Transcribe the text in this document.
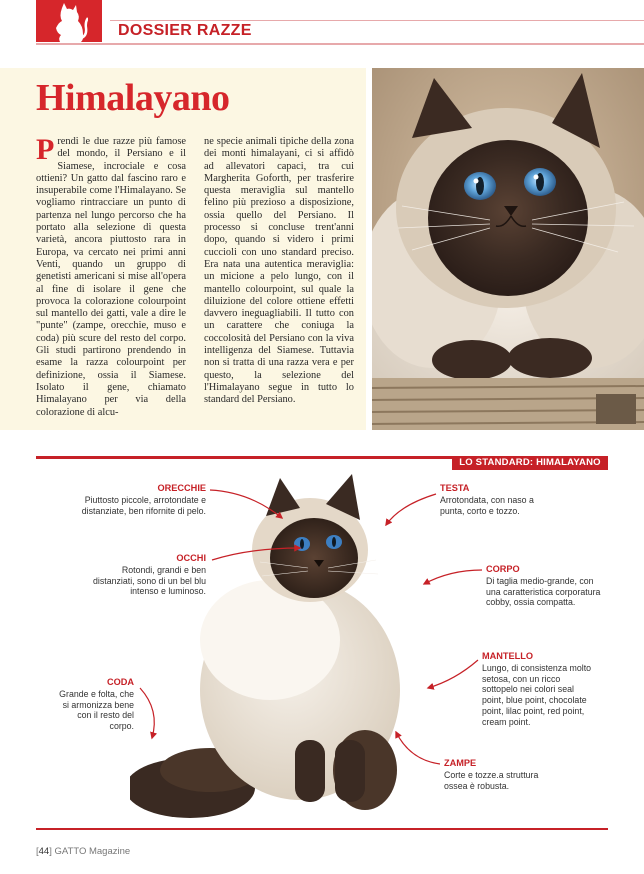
DOSSIER RAZZE
Himalayano
Prendi le due razze più famose del mondo, il Persiano e il Siamese, incrociale e cosa ottieni? Un gatto dal fascino raro e insuperabile come l'Himalayano. Se vogliamo rintracciare un punto di partenza nel lungo percorso che ha portato alla selezione di questa varietà, ancora piuttosto rara in Europa, va cercato nei primi anni Venti, quando un gruppo di genetisti americani si mise all'opera al fine di isolare il gene che provoca la colorazione colourpoint sul mantello dei gatti, vale a dire le "punte" (zampe, orecchie, muso e coda) più scure del resto del corpo. Gli studi partirono prendendo in esame la razza colourpoint per definizione, ossia il Siamese. Isolato il gene, chiamato Himalayano per via della colorazione di alcu-
ne specie animali tipiche della zona dei monti himalayani, ci si affidò ad allevatori capaci, tra cui Margherita Goforth, per trasferire questa meraviglia sul mantello felino più prezioso a disposizione, ossia quello del Persiano. Il processo si concluse trent'anni dopo, quando si videro i primi cuccioli con uno standard preciso. Era nata una autentica meraviglia: un micione a pelo lungo, con il mantello colourpoint, sul quale la diluizione del colore ottiene effetti davvero ineguagliabili. Il tutto con un carattere che coniuga la coccolosità del Persiano con la viva intelligenza del Siamese. Tuttavia non si tratta di una razza vera e per questo, la selezione del l'Himalayano segue in tutto lo standard del Persiano.
LO STANDARD: HIMALAYANO
ORECCHIE
Piuttosto piccole, arrotondate e distanziate, ben rifornite di pelo.
OCCHI
Rotondi, grandi e ben distanziati, sono di un bel blu intenso e luminoso.
CODA
Grande e folta, che si armonizza bene con il resto del corpo.
TESTA
Arrotondata, con naso a punta, corto e tozzo.
CORPO
Di taglia medio-grande, con una caratteristica corporatura cobby, ossia compatta.
MANTELLO
Lungo, di consistenza molto setosa, con un ricco sottopelo nei colori seal point, blue point, chocolate point, lilac point, red point, cream point.
ZAMPE
Corte e tozze.a struttura ossea è robusta.
[44] GATTO Magazine
